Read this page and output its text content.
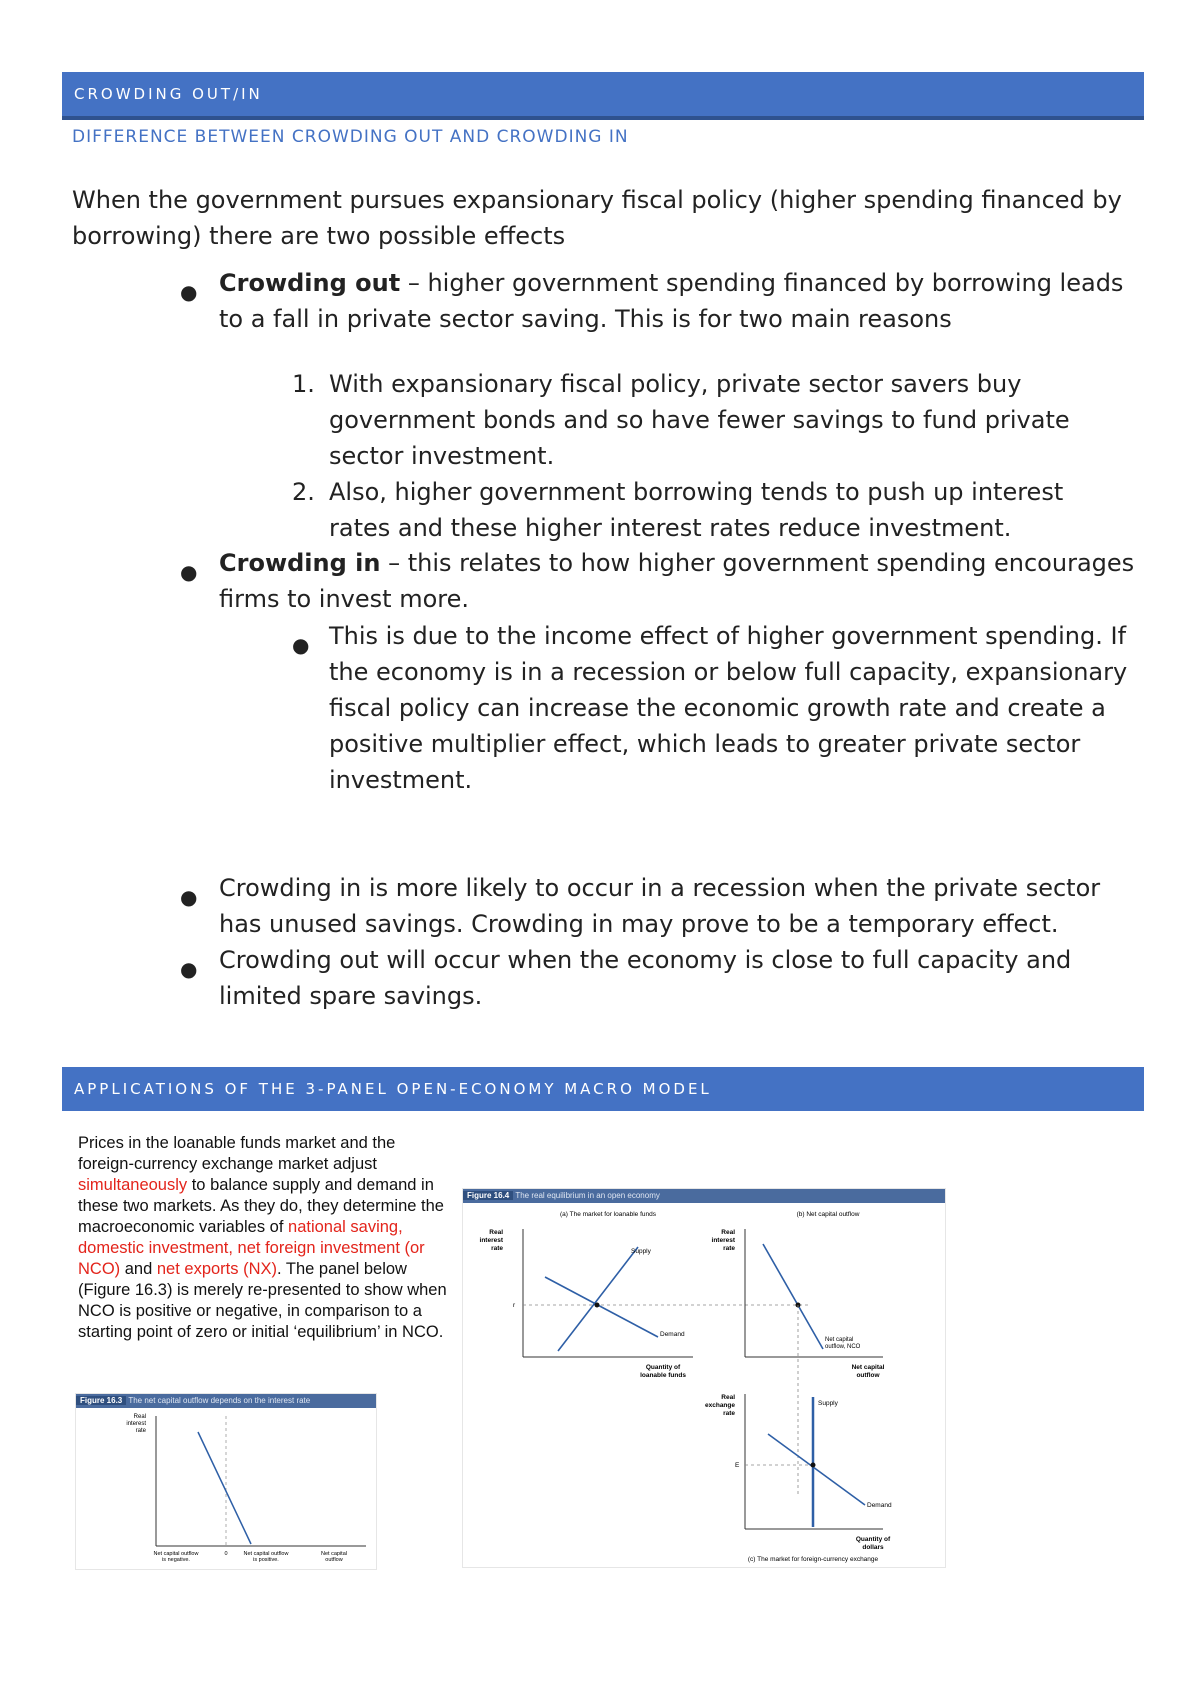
CROWDING OUT/IN
DIFFERENCE BETWEEN CROWDING OUT AND CROWDING IN

When the government pursues expansionary fiscal policy (higher spending financed by borrowing) there are two possible effects

● Crowding out – higher government spending financed by borrowing leads to a fall in private sector saving. This is for two main reasons
1. With expansionary fiscal policy, private sector savers buy government bonds and so have fewer savings to fund private sector investment.
2. Also, higher government borrowing tends to push up interest rates and these higher interest rates reduce investment.
● Crowding in – this relates to how higher government spending encourages firms to invest more.
● This is due to the income effect of higher government spending. If the economy is in a recession or below full capacity, expansionary fiscal policy can increase the economic growth rate and create a positive multiplier effect, which leads to greater private sector investment.
● Crowding in is more likely to occur in a recession when the private sector has unused savings. Crowding in may prove to be a temporary effect.
● Crowding out will occur when the economy is close to full capacity and limited spare savings.
APPLICATIONS OF THE 3-PANEL OPEN-ECONOMY MACRO MODEL
Prices in the loanable funds market and the foreign-currency exchange market adjust simultaneously to balance supply and demand in these two markets. As they do, they determine the macroeconomic variables of national saving, domestic investment, net foreign investment (or NCO) and net exports (NX). The panel below (Figure 16.3) is merely re-presented to show when NCO is positive or negative, in comparison to a starting point of zero or initial ‘equilibrium’ in NCO.
Figure 16.3 The net capital outflow depends on the interest rate
Real
interest
rate
Net capital outflow
is negative.
0	Net capital outflow
is positive.
Net capital
outflow
Figure 16.4 The real equilibrium in an open economy
(a) The market for loanable funds
Real
interest
rate	Supply
Demand
r
Quantity of
loanable funds
(b) Net capital outflow
Real
interest
rate
Net capital
outflow, NCO
Net capital
outflow
Real
exchange
rate
E
Supply
Demand
Quantity of
dollars
(c) The market for foreign-currency exchange
